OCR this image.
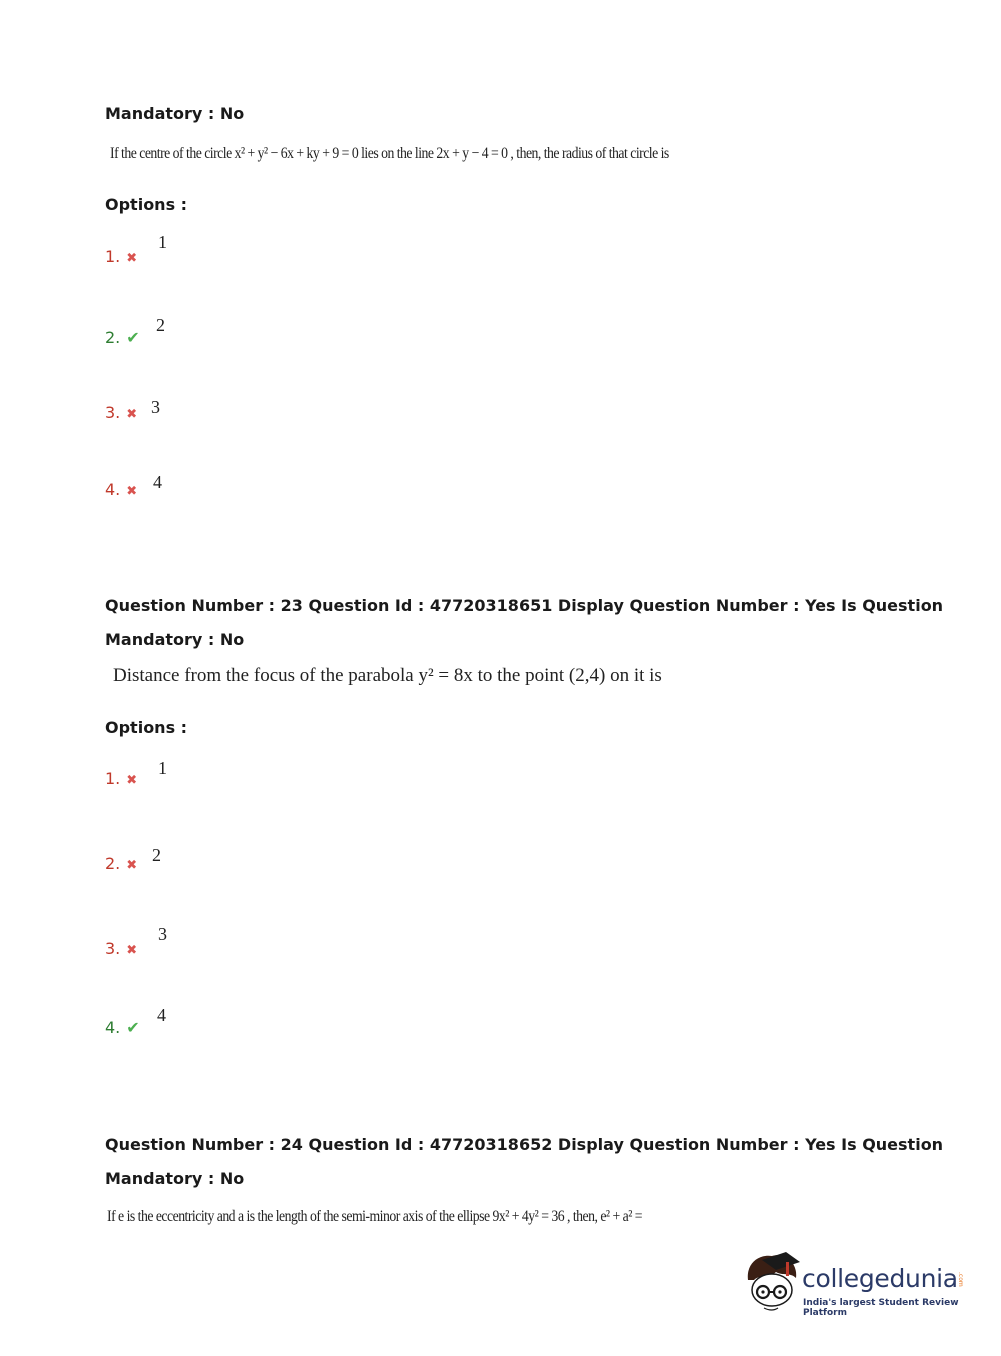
Mandatory : No
If the centre of the circle x² + y² − 6x + ky + 9 = 0 lies on the line 2x + y − 4 = 0 , then, the radius of that circle is
Options :
1. ✖
1
2. ✔
2
3. ✖ 3
4. ✖ 4
Question Number : 23 Question Id : 47720318651 Display Question Number : Yes Is Question
Mandatory : No
Distance from the focus of the parabola y² = 8x to the point (2,4) on it is
Options :
1. ✖
1
2. ✖
2
3. ✖
3
4. ✔
4
Question Number : 24 Question Id : 47720318652 Display Question Number : Yes Is Question
Mandatory : No
If e is the eccentricity and a is the length of the semi-minor axis of the ellipse 9x² + 4y² = 36 , then, e² + a² =
collegedunia .com
India's largest Student Review Platform
